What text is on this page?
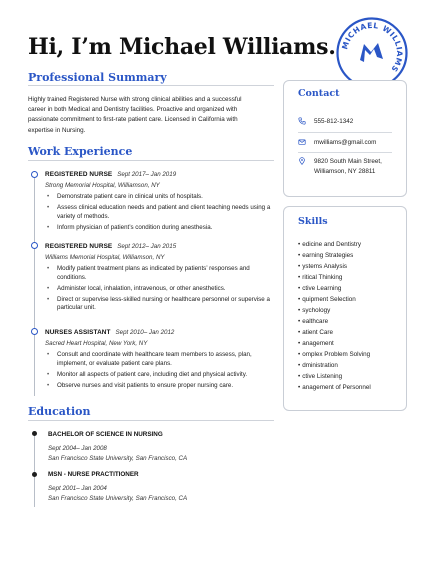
Hi, I’m Michael Williams. MICHAEL WILLIAMS
Professional Summary
Highly trained Registered Nurse with strong clinical abilities and a successful
career in both Medical and Dentistry facilities. Proactive and organized with
passionate commitment to first-rate patient care. Licensed in California with
expertise in Nursing.
Work Experience
REGISTERED NURSE Sept 2017– Jan 2019
Strong Memorial Hospital, Williamson, NY
• Demonstrate patient care in clinical units of hospitals.
• Assess clinical education needs and patient and client teaching needs using a variety of methods.
• Inform physician of patient’s condition during anesthesia.
REGISTERED NURSE Sept 2012– Jan 2015
Williams Memorial Hospital, Williamson, NY
• Modify patient treatment plans as indicated by patients’ responses and conditions.
• Administer local, inhalation, intravenous, or other anesthetics.
• Direct or supervise less-skilled nursing or healthcare personnel or supervise a particular unit.
NURSES ASSISTANT Sept 2010– Jan 2012
Sacred Heart Hospital, New York, NY
• Consult and coordinate with healthcare team members to assess, plan, implement, or evaluate patient care plans.
• Monitor all aspects of patient care, including diet and physical activity.
• Observe nurses and visit patients to ensure proper nursing care.
Education
BACHELOR OF SCIENCE IN NURSING
Sept 2004– Jan 2008
San Francisco State University, San Francisco, CA
MSN - NURSE PRACTITIONER
Sept 2001– Jan 2004
San Francisco State University, San Francisco, CA
Contact
555-812-1342
mwilliams@gmail.com
9820 South Main Street,
Williamson, NY 28811
Skills
• edicine and Dentistry
• earning Strategies
• ystems Analysis
• ritical Thinking
• ctive Learning
• quipment Selection
• sychology
• ealthcare
• atient Care
• anagement
• omplex Problem Solving
• dministration
• ctive Listening
• anagement of Personnel
